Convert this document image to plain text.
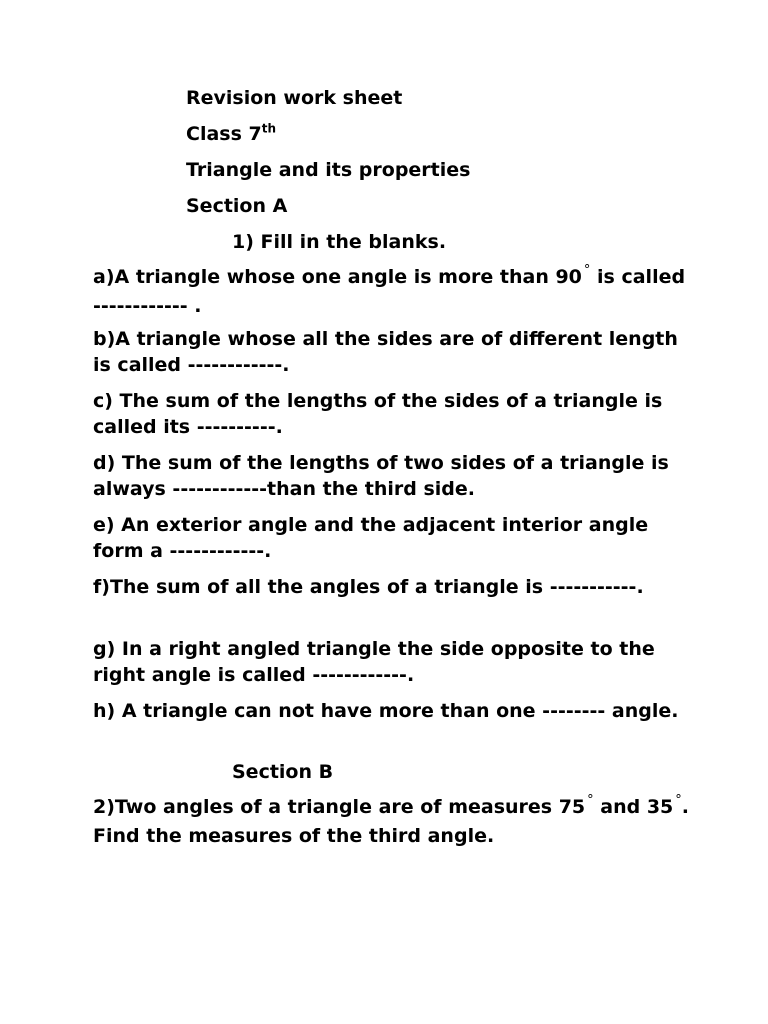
Revision work sheet
Class 7th
Triangle and its properties
Section A
1) Fill in the blanks.
a)A triangle whose one angle is more than 90 ° is called ------------ .
b)A triangle whose all the sides are of different length is called ------------.
c) The sum of the lengths of the sides of a triangle is called its ----------.
d) The sum of the lengths of two sides of a triangle is always ------------than the third side.
e) An exterior angle and the adjacent interior angle form a ------------.
f)The sum of all the angles of a triangle is -----------.
g) In a right angled triangle the side opposite to the right angle is called ------------.
h) A triangle can not have more than one -------- angle.
Section B
2)Two angles of a triangle are of measures 75 ° and 35 °. Find the measures of the third angle.
